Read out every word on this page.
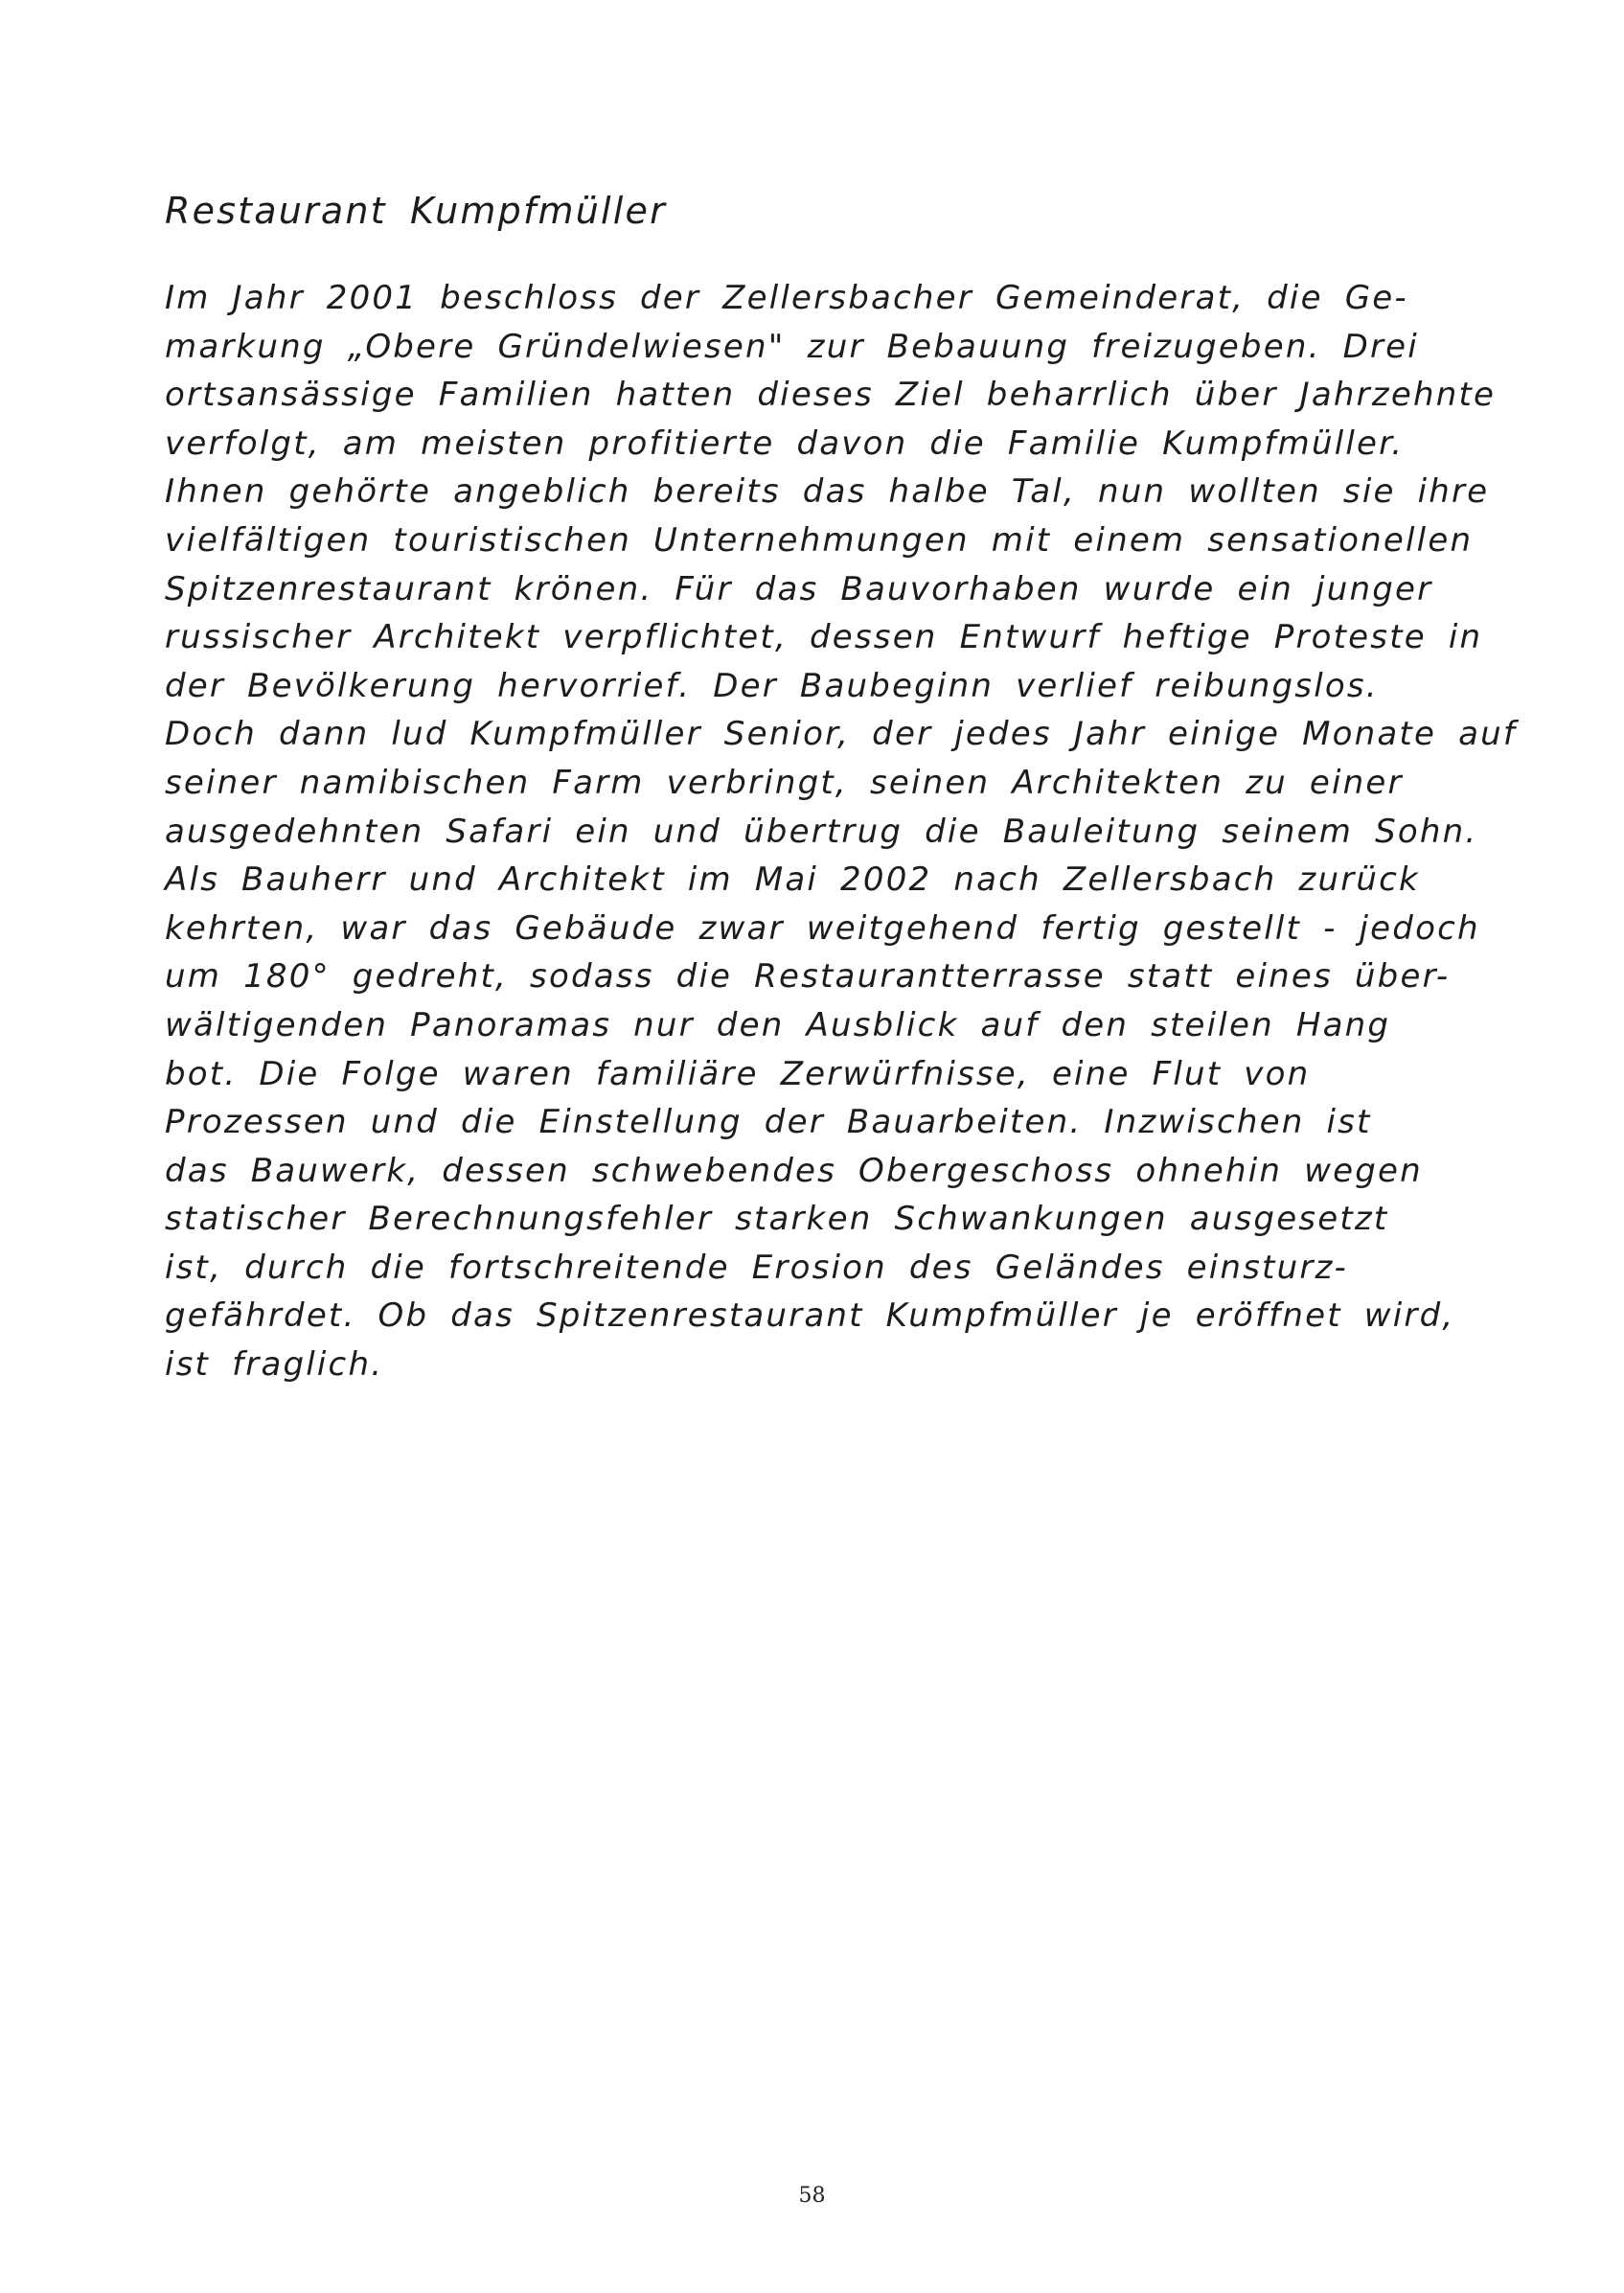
Restaurant Kumpfmüller
Im Jahr 2001 beschloss der Zellersbacher Gemeinderat, die Ge-
markung „Obere Gründelwiesen" zur Bebauung freizugeben. Drei
ortsansässige Familien hatten dieses Ziel beharrlich über Jahrzehnte
verfolgt, am meisten profitierte davon die Familie Kumpfmüller.
Ihnen gehörte angeblich bereits das halbe Tal, nun wollten sie ihre
vielfältigen touristischen Unternehmungen mit einem sensationellen
Spitzenrestaurant krönen. Für das Bauvorhaben wurde ein junger
russischer Architekt verpflichtet, dessen Entwurf heftige Proteste in
der Bevölkerung hervorrief. Der Baubeginn verlief reibungslos.
Doch dann lud Kumpfmüller Senior, der jedes Jahr einige Monate auf
seiner namibischen Farm verbringt, seinen Architekten zu einer
ausgedehnten Safari ein und übertrug die Bauleitung seinem Sohn.
Als Bauherr und Architekt im Mai 2002 nach Zellersbach zurück
kehrten, war das Gebäude zwar weitgehend fertig gestellt - jedoch
um 180° gedreht, sodass die Restaurantterrasse statt eines über-
wältigenden Panoramas nur den Ausblick auf den steilen Hang
bot. Die Folge waren familiäre Zerwürfnisse, eine Flut von
Prozessen und die Einstellung der Bauarbeiten. Inzwischen ist
das Bauwerk, dessen schwebendes Obergeschoss ohnehin wegen
statischer Berechnungsfehler starken Schwankungen ausgesetzt
ist, durch die fortschreitende Erosion des Geländes einsturz-
gefährdet. Ob das Spitzenrestaurant Kumpfmüller je eröffnet wird,
ist fraglich.
58
